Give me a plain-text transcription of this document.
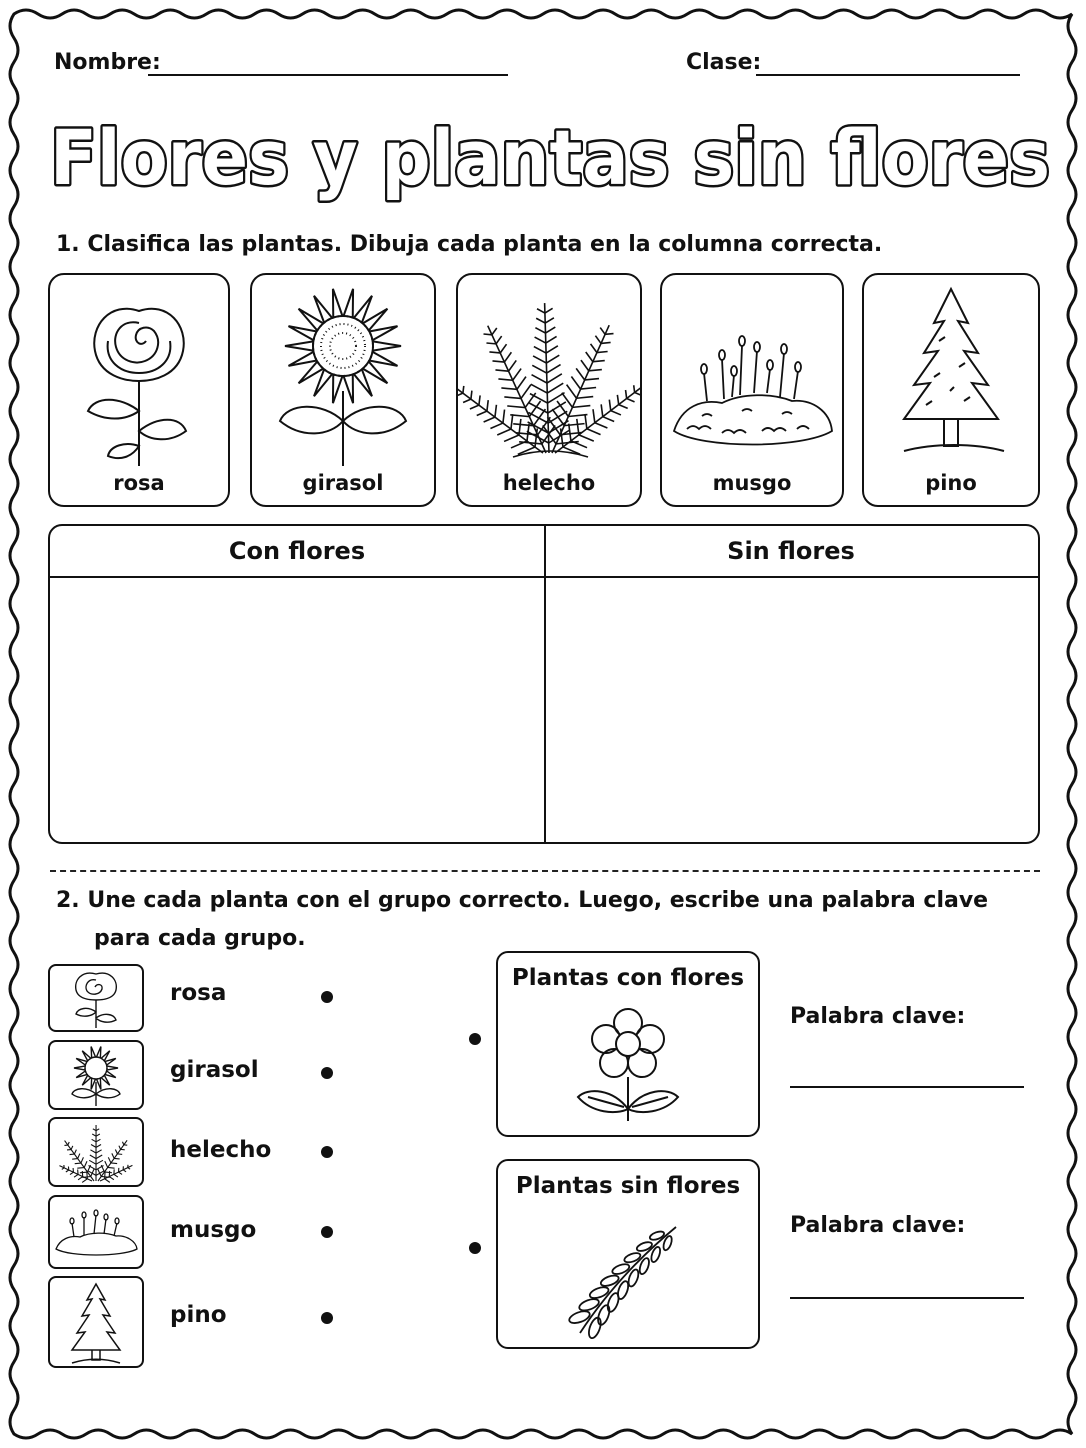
Nombre:	Clase:
Flores y plantas sin flores
1. Clasifica las plantas. Dibuja cada planta en la columna correcta.
rosa	girasol	helecho	musgo	pino
Con flores	Sin flores
2. Une cada planta con el grupo correcto. Luego, escribe una palabra clave
para cada grupo.
rosa
girasol
helecho
musgo
pino
Plantas con flores
Palabra clave:
Plantas sin flores
Palabra clave:
